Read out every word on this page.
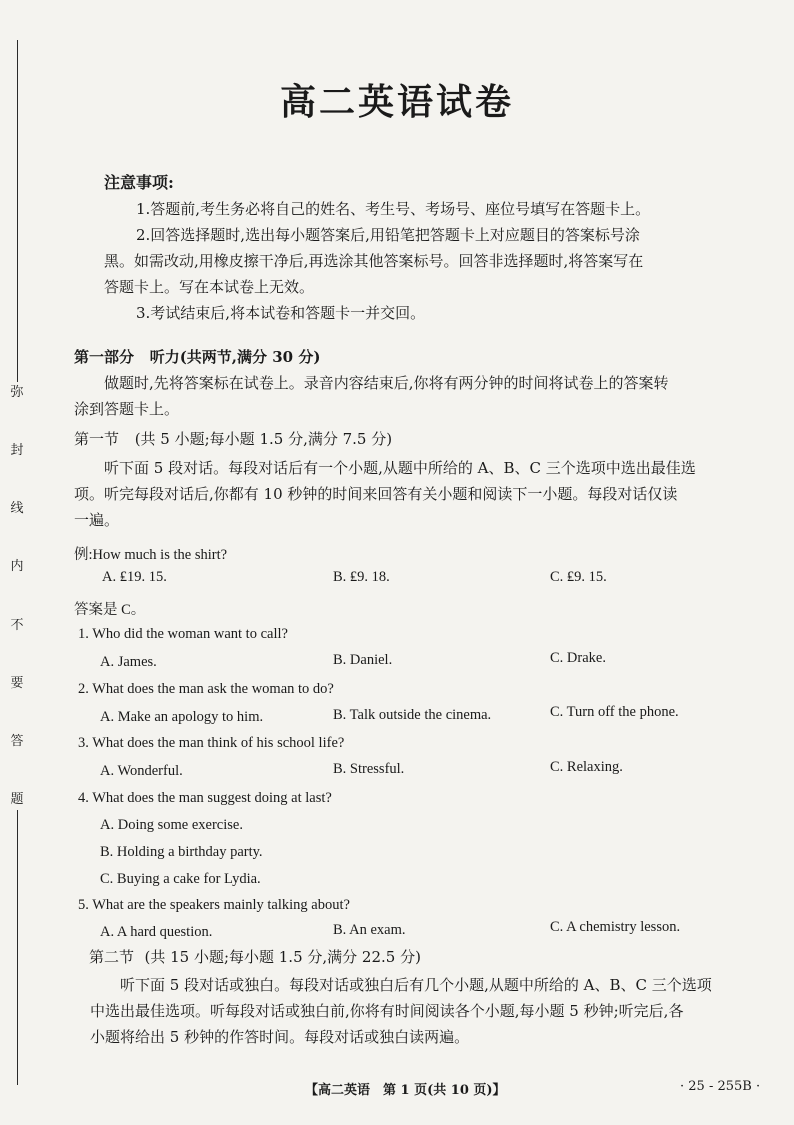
弥
封
线
内
不
要
答
题
高二英语试卷
注意事项:

1.答题前,考生务必将自己的姓名、考生号、考场号、座位号填写在答题卡上。

2.回答选择题时,选出每小题答案后,用铅笔把答题卡上对应题目的答案标号涂

黑。如需改动,用橡皮擦干净后,再选涂其他答案标号。回答非选择题时,将答案写在

答题卡上。写在本试卷上无效。

3.考试结束后,将本试卷和答题卡一并交回。

第一部分 听力(共两节,满分 30 分)

做题时,先将答案标在试卷上。录音内容结束后,你将有两分钟的时间将试卷上的答案转

涂到答题卡上。

第一节 (共 5 小题;每小题 1.5 分,满分 7.5 分)

听下面 5 段对话。每段对话后有一个小题,从题中所给的 A、B、C 三个选项中选出最佳选

项。听完每段对话后,你都有 10 秒钟的时间来回答有关小题和阅读下一小题。每段对话仅读

一遍。

例:How much is the shirt?
A. ₤19. 15.	B. ₤9. 18.	C. ₤9. 15.
答案是 C。
1. Who did the woman want to call?
A. James.	B. Daniel.	C. Drake.
2. What does the man ask the woman to do?
A. Make an apology to him.	B. Talk outside the cinema.	C. Turn off the phone.
3. What does the man think of his school life?
A. Wonderful.	B. Stressful.	C. Relaxing.
4. What does the man suggest doing at last?
A. Doing some exercise.
B. Holding a birthday party.
C. Buying a cake for Lydia.
5. What are the speakers mainly talking about?
A. A hard question.	B. An exam.	C. A chemistry lesson.
第二节 (共 15 小题;每小题 1.5 分,满分 22.5 分)

听下面 5 段对话或独白。每段对话或独白后有几个小题,从题中所给的 A、B、C 三个选项

中选出最佳选项。听每段对话或独白前,你将有时间阅读各个小题,每小题 5 秒钟;听完后,各

小题将给出 5 秒钟的作答时间。每段对话或独白读两遍。

【高二英语　第 1 页(共 10 页)】	· 25 - 255B ·
